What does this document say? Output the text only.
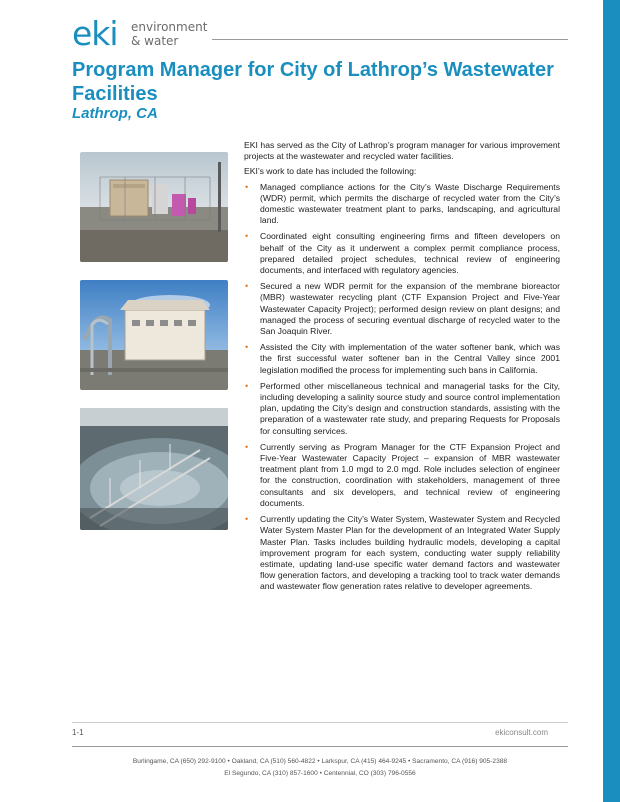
eki environment
& water
Program Manager for City of Lathrop’s Wastewater Facilities
Lathrop, CA

EKI has served as the City of Lathrop’s program manager for various improvement projects at the wastewater and recycled water facilities.

EKI’s work to date has included the following:

• Managed compliance actions for the City’s Waste Discharge Requirements (WDR) permit, which permits the discharge of recycled water from the City’s domestic wastewater treatment plant to parks, landscaping, and agricultural land.
• Coordinated eight consulting engineering firms and fifteen developers on behalf of the City as it underwent a complex permit compliance process, prepared detailed project schedules, technical review of engineering documents, and interfaced with regulatory agencies.
• Secured a new WDR permit for the expansion of the membrane bioreactor (MBR) wastewater recycling plant (CTF Expansion Project and Five-Year Wastewater Capacity Project); performed design review on plant designs; and managed the process of securing eventual discharge of recycled water to the San Joaquin River.
• Assisted the City with implementation of the water softener bank, which was the first successful water softener ban in the Central Valley since 2001 legislation modified the process for implementing such bans in California.
• Performed other miscellaneous technical and managerial tasks for the City, including developing a salinity source study and source control implementation plan, updating the City’s design and construction standards, assisting with the preparation of a wastewater rate study, and preparing Requests for Proposals for consulting services.
• Currently serving as Program Manager for the CTF Expansion Project and Five-Year Wastewater Capacity Project – expansion of MBR wastewater treatment plant from 1.0 mgd to 2.0 mgd. Role includes selection of engineer for the construction, coordination with stakeholders, management of three consultants and six developers, and technical review of engineering documents.
• Currently updating the City’s Water System, Wastewater System and Recycled Water System Master Plan for the development of an Integrated Water Supply Master Plan. Tasks includes building hydraulic models, developing a capital improvement program for each system, conducting water supply reliability estimate, updating land-use specific water demand factors and wastewater flow generation factors, and developing a tracking tool to track water demands and wastewater flow generation rates relative to developer agreements.
1-1	ekiconsult.com
Burlingame, CA (650) 292-9100 • Oakland, CA (510) 560-4822 • Larkspur, CA (415) 464-9245 • Sacramento, CA (916) 905-2388
El Segundo, CA (310) 857-1600 • Centennial, CO (303) 796-0556
